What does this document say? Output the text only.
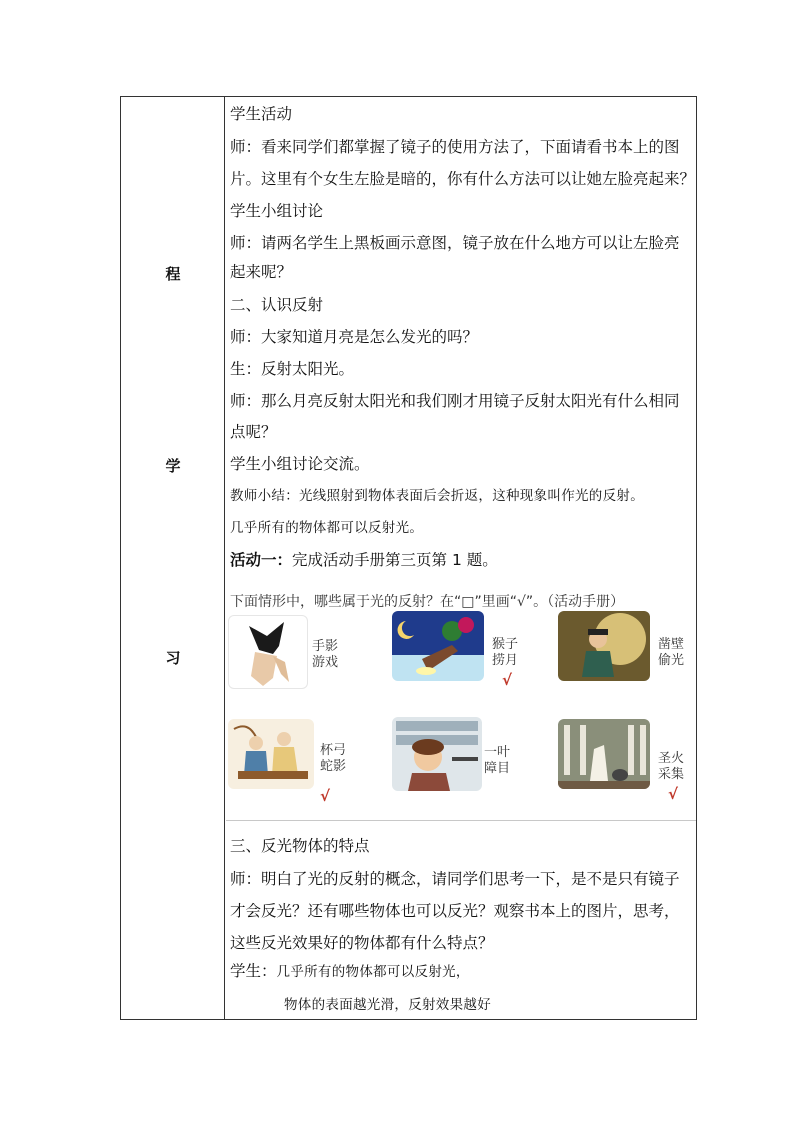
程
学
习
学生活动
师：看来同学们都掌握了镜子的使用方法了，下面请看书本上的图
片。这里有个女生左脸是暗的，你有什么方法可以让她左脸亮起来？
学生小组讨论
师：请两名学生上黑板画示意图，镜子放在什么地方可以让左脸亮
起来呢？
二、认识反射
师：大家知道月亮是怎么发光的吗？
生：反射太阳光。
师：那么月亮反射太阳光和我们刚才用镜子反射太阳光有什么相同
点呢？
学生小组讨论交流。
教师小结：光线照射到物体表面后会折返，这种现象叫作光的反射。
几乎所有的物体都可以反射光。
活动一：完成活动手册第三页第 1 题。
下面情形中，哪些属于光的反射？在“□”里画“√”。（活动手册）
手影
游戏
猴子
捞月
√
凿壁
偷光
杯弓
蛇影
√
一叶
障目
圣火
采集
√
三、反光物体的特点
师：明白了光的反射的概念，请同学们思考一下，是不是只有镜子
才会反光？还有哪些物体也可以反光？观察书本上的图片，思考，
这些反光效果好的物体都有什么特点？
学生：几乎所有的物体都可以反射光，
物体的表面越光滑，反射效果越好
